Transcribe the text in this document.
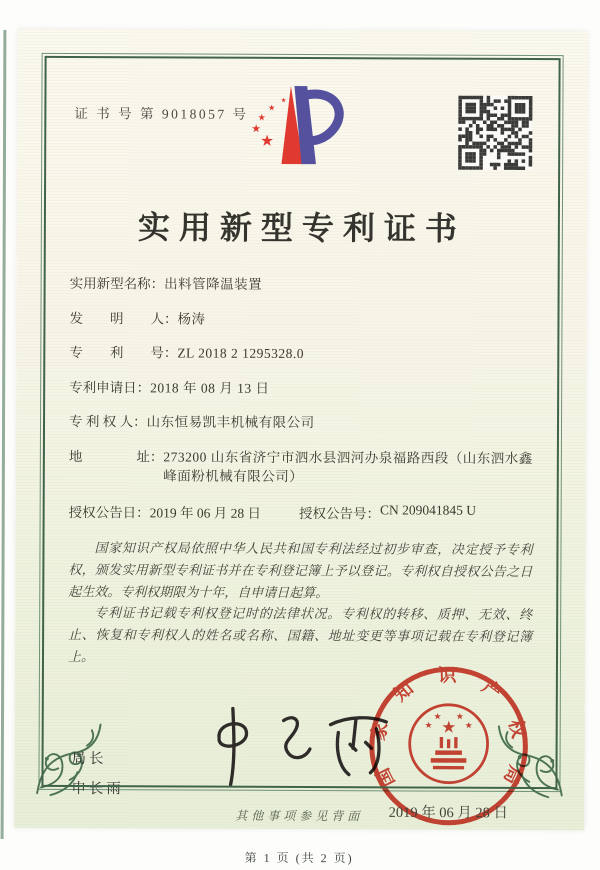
证 书 号 第 9018057 号
★
★
★
★
★
实用新型专利证书
实用新型名称： 出料管降温装置
发　　明　　人： 杨涛
专　　利　　号： ZL 2018 2 1295328.0
专利申请日： 2018 年 08 月 13 日
专 利 权 人： 山东恒易凯丰机械有限公司
地　　　　址： 273200 山东省济宁市泗水县泗河办泉福路西段（山东泗水鑫峰面粉机械有限公司）
授权公告日： 2019 年 06 月 28 日	授权公告号： CN 209041845 U

国家知识产权局依照中华人民共和国专利法经过初步审查，决定授予专利权，颁发实用新型专利证书并在专利登记簿上予以登记。专利权自授权公告之日起生效。专利权期限为十年，自申请日起算。

专利证书记载专利权登记时的法律状况。专利权的转移、质押、无效、终止、恢复和专利权人的姓名或名称、国籍、地址变更等事项记载在专利登记簿上。

局长
申长雨	国家知识产权局
★
★
★ ★
★
2019 年 06 月 28 日
第 1 页 (共 2 页)
其他事项参见背面
